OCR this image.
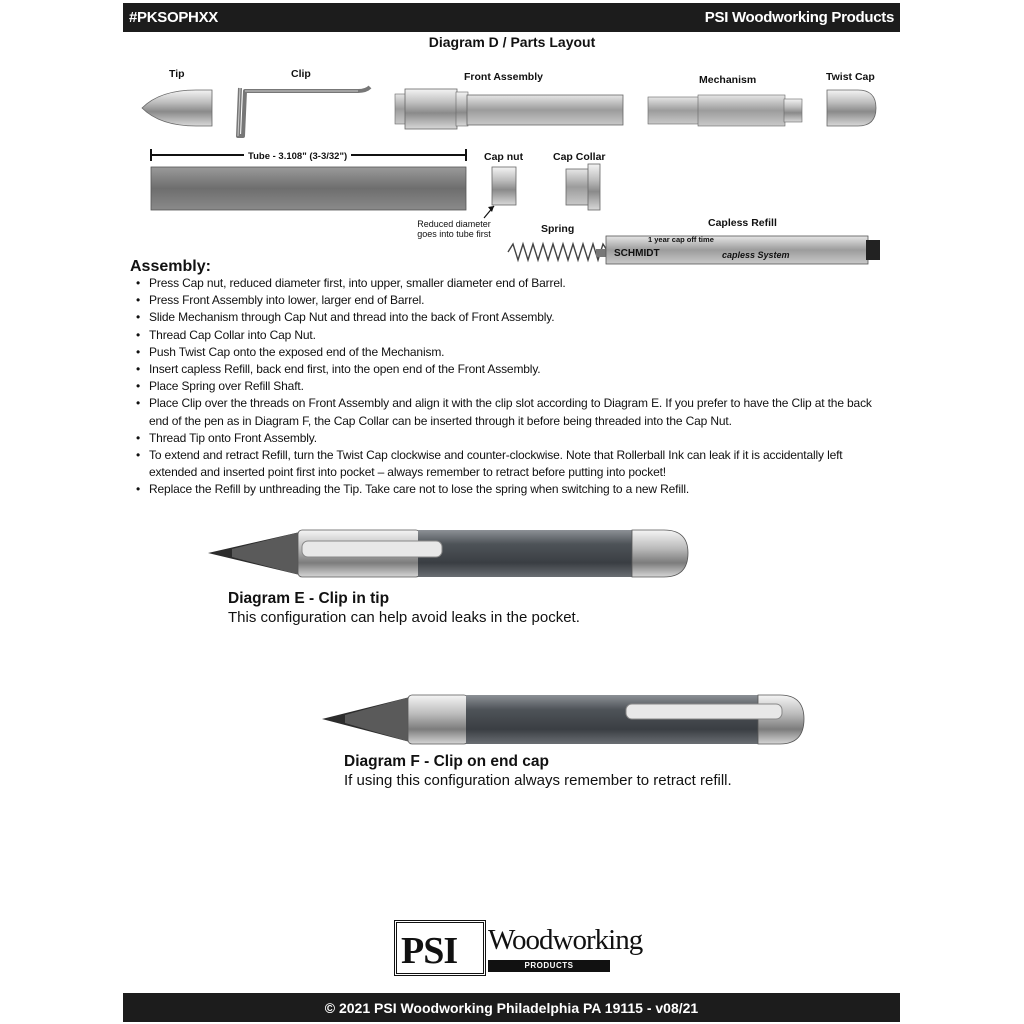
#PKSOPHXX	PSI Woodworking Products
Diagram D / Parts Layout
Tip	Clip	Front Assembly	Mechanism	Twist Cap
Tube - 3.108" (3-3/32")	Cap nut	Cap Collar
Reduced diameter
goes into tube first	Spring	Capless Refill
1 year cap off time
SCHMIDT	capless System
Assembly:
• Press Cap nut, reduced diameter first, into upper, smaller diameter end of Barrel.
• Press Front Assembly into lower, larger end of Barrel.
• Slide Mechanism through Cap Nut and thread into the back of Front Assembly.
• Thread Cap Collar into Cap Nut.
• Push Twist Cap onto the exposed end of the Mechanism.
• Insert capless Refill, back end first, into the open end of the Front Assembly.
• Place Spring over Refill Shaft.
• Place Clip over the threads on Front Assembly and align it with the clip slot according to Diagram E. If you prefer to have the Clip at the back end of the pen as in Diagram F, the Cap Collar can be inserted through it before being threaded into the Cap Nut.
• Thread Tip onto Front Assembly.
• To extend and retract Refill, turn the Twist Cap clockwise and counter-clockwise. Note that Rollerball Ink can leak if it is accidentally left extended and inserted point first into pocket – always remember to retract before putting into pocket!
• Replace the Refill by unthreading the Tip. Take care not to lose the spring when switching to a new Refill.
Diagram E - Clip in tip
This configuration can help avoid leaks in the pocket.
Diagram F - Clip on end cap
If using this configuration always remember to retract refill.
PSI Woodworking
PRODUCTS
© 2021 PSI Woodworking Philadelphia PA 19115 - v08/21
